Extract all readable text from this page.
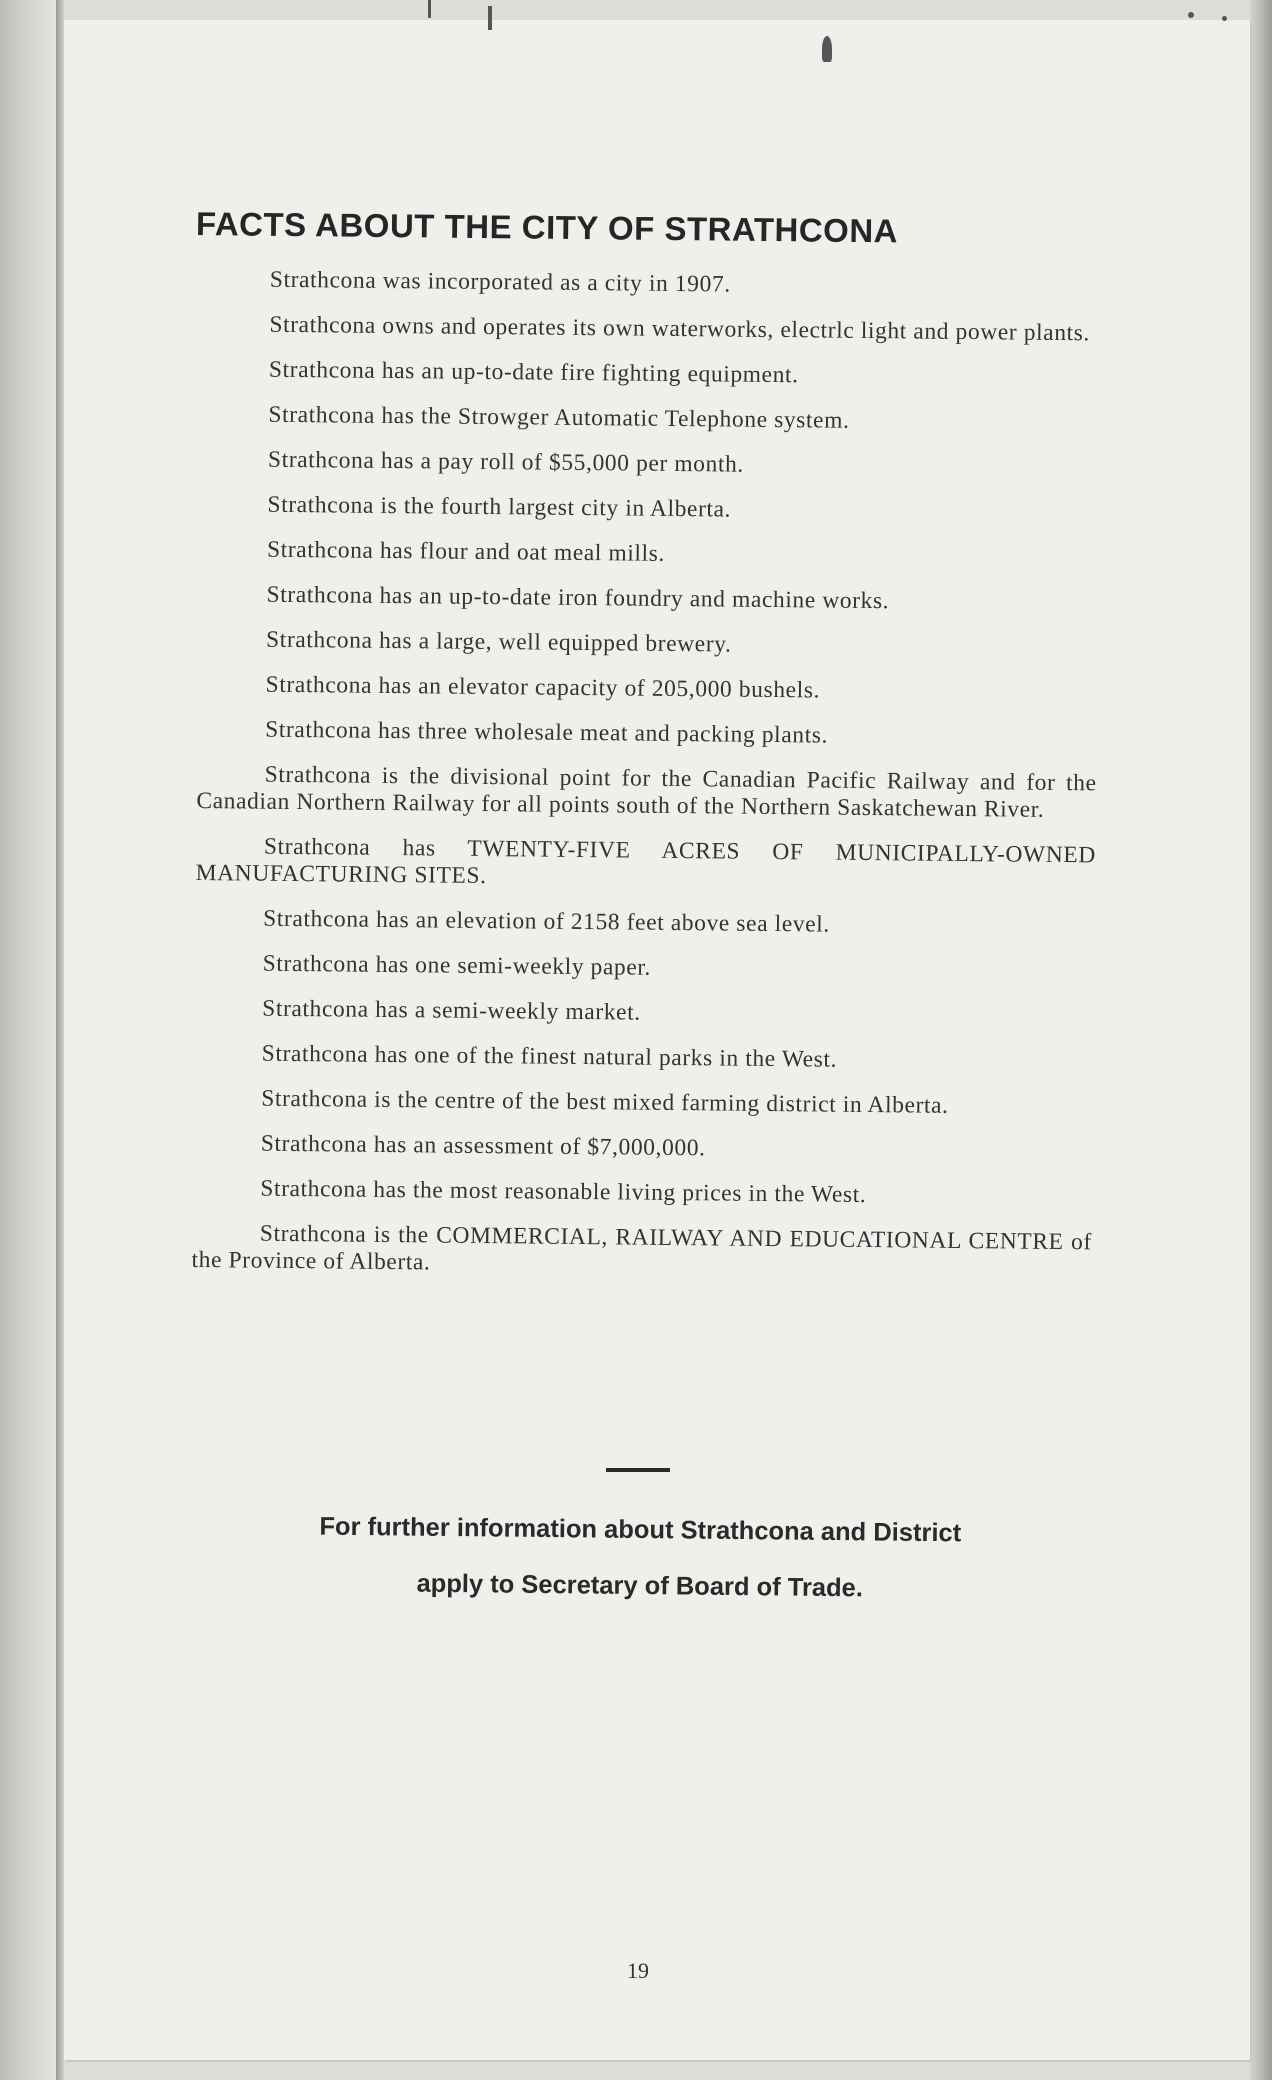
FACTS ABOUT THE CITY OF STRATHCONA

Strathcona was incorporated as a city in 1907.

Strathcona owns and operates its own waterworks, electrlc light and power plants.

Strathcona has an up-to-date fire fighting equipment.

Strathcona has the Strowger Automatic Telephone system.

Strathcona has a pay roll of $55,000 per month.

Strathcona is the fourth largest city in Alberta.

Strathcona has flour and oat meal mills.

Strathcona has an up-to-date iron foundry and machine works.

Strathcona has a large, well equipped brewery.

Strathcona has an elevator capacity of 205,000 bushels.

Strathcona has three wholesale meat and packing plants.

Strathcona is the divisional point for the Canadian Pacific Railway and for the Canadian Northern Railway for all points south of the Northern Saskatchewan River.

Strathcona has TWENTY-FIVE ACRES OF MUNICIPALLY-OWNED MANUFACTURING SITES.

Strathcona has an elevation of 2158 feet above sea level.

Strathcona has one semi-weekly paper.

Strathcona has a semi-weekly market.

Strathcona has one of the finest natural parks in the West.

Strathcona is the centre of the best mixed farming district in Alberta.

Strathcona has an assessment of $7,000,000.

Strathcona has the most reasonable living prices in the West.

Strathcona is the COMMERCIAL, RAILWAY AND EDUCATIONAL CENTRE of the Province of Alberta.

For further information about Strathcona and District

apply to Secretary of Board of Trade.

19
